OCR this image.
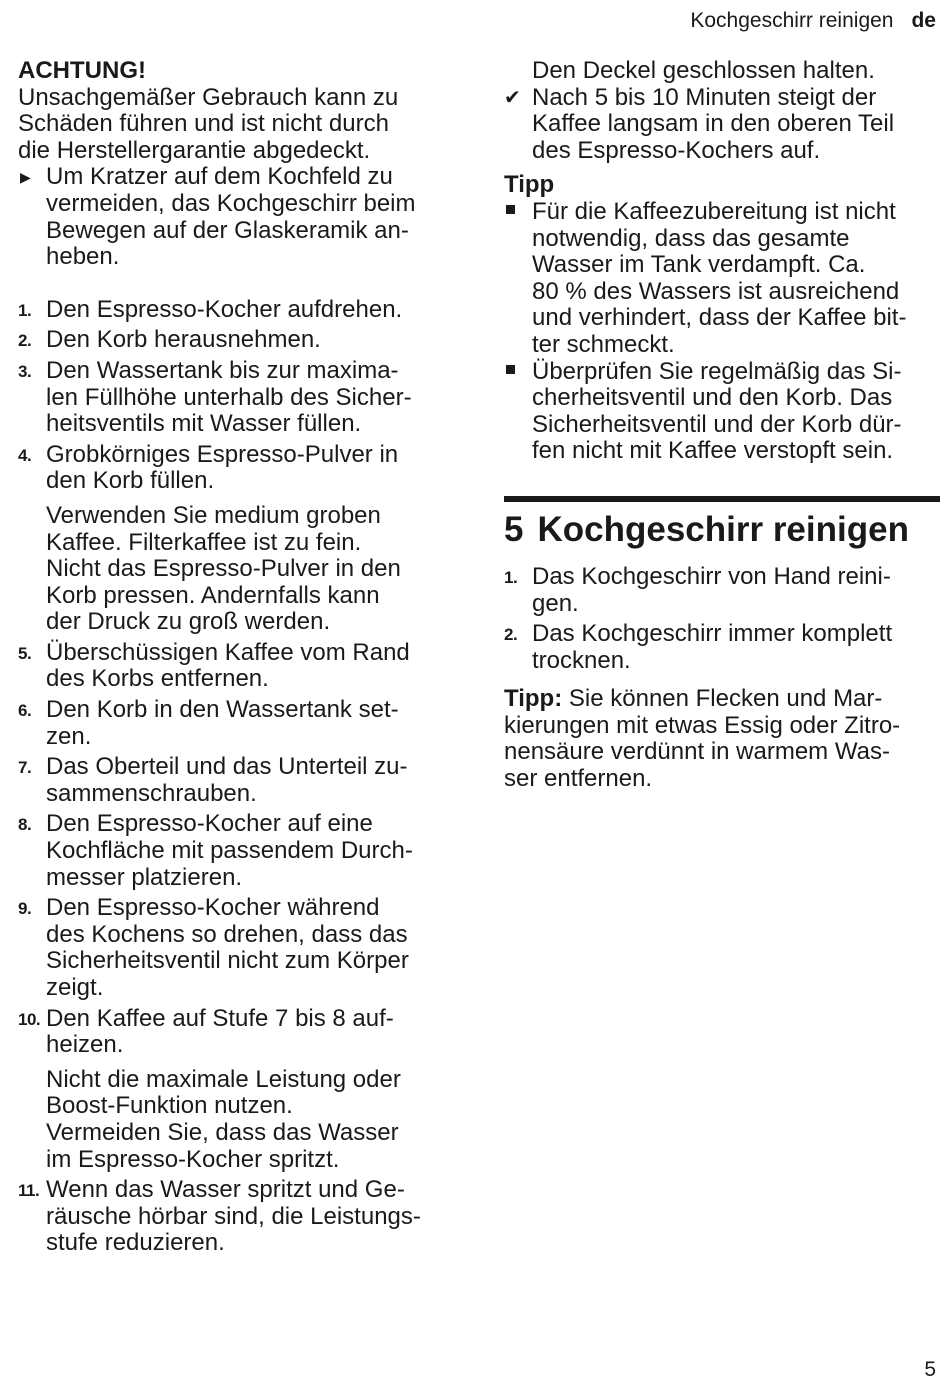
Kochgeschirr reinigen de

ACHTUNG!

Unsachgemäßer Gebrauch kann zu
Schäden führen und ist nicht durch
die Herstellergarantie abgedeckt.

▶ Um Kratzer auf dem Kochfeld zu
vermeiden, das Kochgeschirr beim
Bewegen auf der Glaskeramik an-
heben.
1. Den Espresso-Kocher aufdrehen.
2. Den Korb herausnehmen.
3. Den Wassertank bis zur maxima-
len Füllhöhe unterhalb des Sicher-
heitsventils mit Wasser füllen.
4. Grobkörniges Espresso-Pulver in
den Korb füllen.
Verwenden Sie medium groben
Kaffee. Filterkaffee ist zu fein.
Nicht das Espresso-Pulver in den
Korb pressen. Andernfalls kann
der Druck zu groß werden.
5. Überschüssigen Kaffee vom Rand
des Korbs entfernen.
6. Den Korb in den Wassertank set-
zen.
7. Das Oberteil und das Unterteil zu-
sammenschrauben.
8. Den Espresso-Kocher auf eine
Kochfläche mit passendem Durch-
messer platzieren.
9. Den Espresso-Kocher während
des Kochens so drehen, dass das
Sicherheitsventil nicht zum Körper
zeigt.
10. Den Kaffee auf Stufe 7 bis 8 auf-
heizen.
Nicht die maximale Leistung oder
Boost-Funktion nutzen.
Vermeiden Sie, dass das Wasser
im Espresso-Kocher spritzt.
11. Wenn das Wasser spritzt und Ge-
räusche hörbar sind, die Leistungs-
stufe reduzieren.

Den Deckel geschlossen halten.

✔ Nach 5 bis 10 Minuten steigt der
Kaffee langsam in den oberen Teil
des Espresso-Kochers auf.

Tipp

Für die Kaffeezubereitung ist nicht
notwendig, dass das gesamte
Wasser im Tank verdampft. Ca.
80 % des Wassers ist ausreichend
und verhindert, dass der Kaffee bit-
ter schmeckt.
Überprüfen Sie regelmäßig das Si-
cherheitsventil und den Korb. Das
Sicherheitsventil und der Korb dür-
fen nicht mit Kaffee verstopft sein.
5 Kochgeschirr reinigen
1. Das Kochgeschirr von Hand reini-
gen.
2. Das Kochgeschirr immer komplett
trocknen.

Tipp: Sie können Flecken und Mar-
kierungen mit etwas Essig oder Zitro-
nensäure verdünnt in warmem Was-
ser entfernen.

5
